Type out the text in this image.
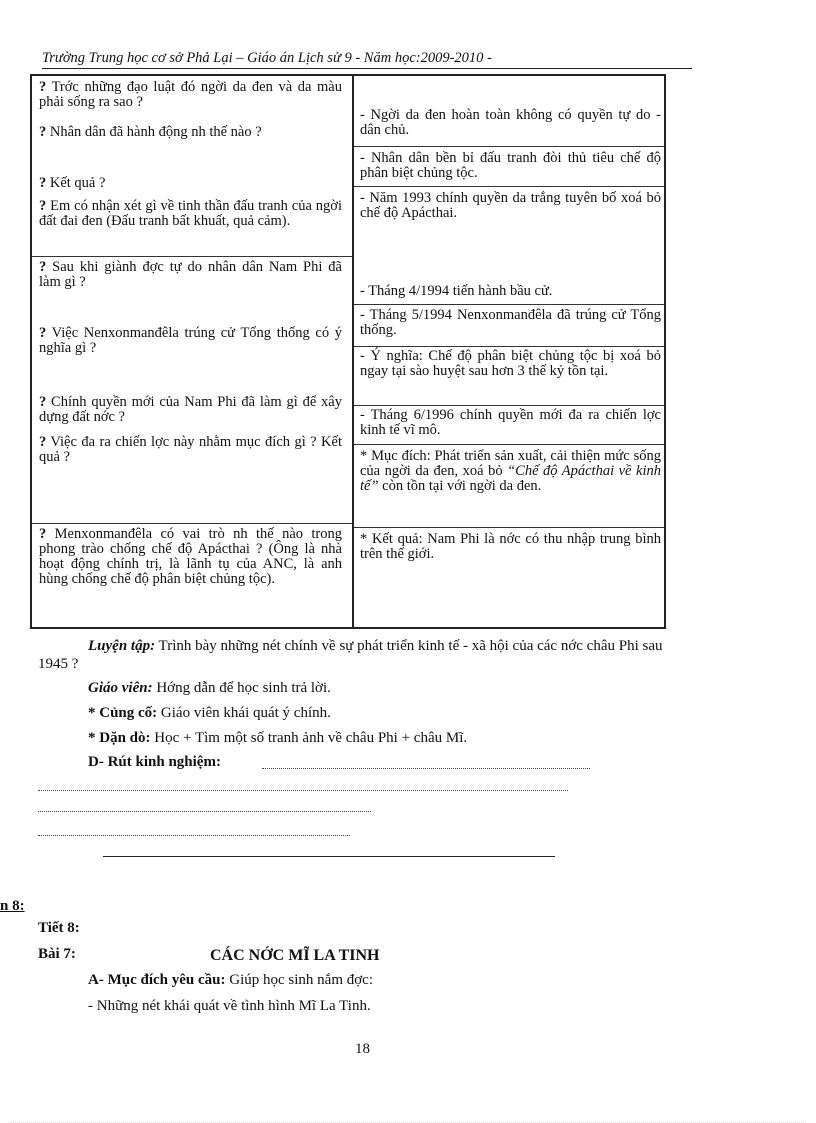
Trường Trung học cơ sở Phả Lại – Giáo án Lịch sử 9 - Năm học:2009-2010 -
? Trớc những đạo luật đó ngời da đen và da màu phải sống ra sao ?
? Nhân dân đã hành động nh thế nào ?
? Kết quả ?
? Em có nhận xét gì về tinh thần đấu tranh của ngời đất đai đen (Đấu tranh bất khuất, quả cảm).
? Sau khi giành đợc tự do nhân dân Nam Phi đã làm gì ?
? Việc Nenxonmanđêla trúng cử Tổng thống có ý nghĩa gì ?
? Chính quyền mới của Nam Phi đã làm gì để xây dựng đất nớc ?
? Việc đa ra chiến lợc này nhằm mục đích gì ? Kết quả ?
? Menxonmanđêla có vai trò nh thế nào trong phong trào chống chế độ Apácthai ? (Ông là nhà hoạt động chính trị, là lãnh tụ của ANC, là anh hùng chống chế độ phân biệt chủng tộc).
- Ngời da đen hoàn toàn không có quyền tự do - dân chủ.
- Nhân dân bền bỉ đấu tranh đòi thủ tiêu chế độ phân biệt chủng tộc.
- Năm 1993 chính quyền da trắng tuyên bố xoá bỏ chế độ Apácthai.
- Tháng 4/1994 tiến hành bầu cử.
- Tháng 5/1994 Nenxonmanđêla đã trúng cử Tổng thống.
- Ý nghĩa: Chế độ phân biệt chủng tộc bị xoá bỏ ngay tại sào huyệt sau hơn 3 thế kỷ tồn tại.
- Tháng 6/1996 chính quyền mới đa ra chiến lợc kinh tế vĩ mô.
* Mục đích: Phát triển sản xuất, cải thiện mức sống của ngời da đen, xoá bỏ “Chế độ Apácthai về kinh tế” còn tồn tại với ngời da đen.
* Kết quả: Nam Phi là nớc có thu nhập trung bình trên thế giới.
Luyện tập: Trình bày những nét chính về sự phát triển kinh tế - xã hội của các nớc châu Phi sau 1945 ?
Giáo viên: Hớng dẫn để học sinh trả lời.
* Củng cố: Giáo viên khái quát ý chính.
* Dặn dò: Học + Tìm một số tranh ảnh về châu Phi + châu Mĩ.
D- Rút kinh nghiệm:
n 8:
Tiết 8:
Bài 7:	CÁC NỚC MĨ LA TINH
A- Mục đích yêu cầu: Giúp học sinh nắm đợc:
- Những nét khái quát về tình hình Mĩ La Tinh.
18
